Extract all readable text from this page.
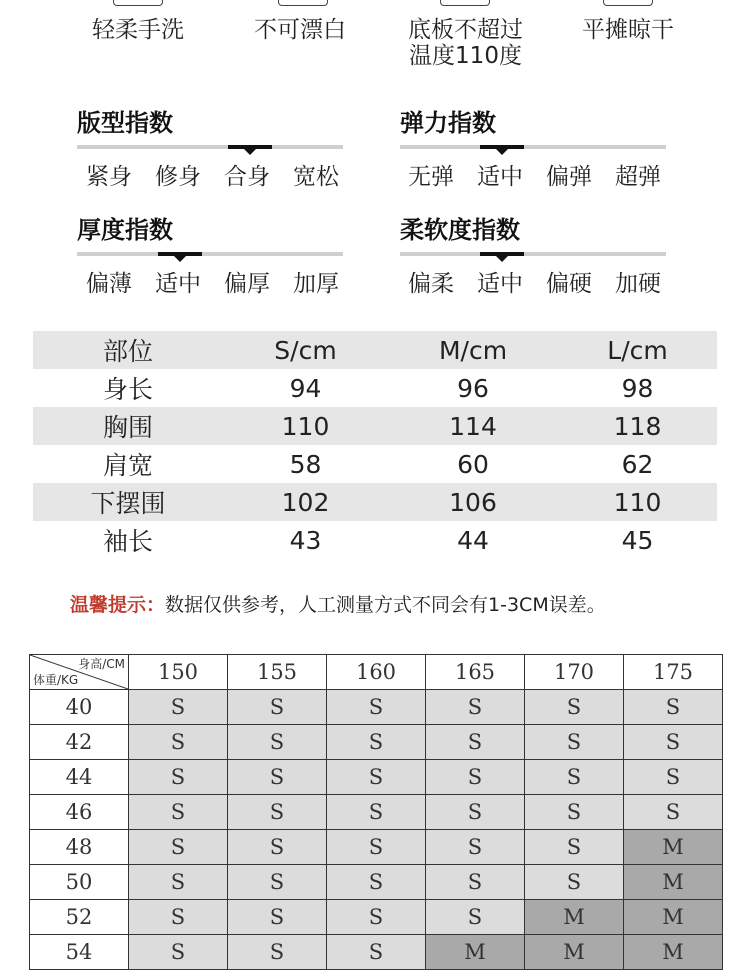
轻柔手洗	不可漂白	底板不超过
温度110度
平摊晾干
版型指数
紧身	修身	合身	宽松
弹力指数
无弹	适中	偏弹	超弹
厚度指数
偏薄	适中	偏厚	加厚
柔软度指数
偏柔	适中	偏硬	加硬
部位	S/cm	M/cm	L/cm
身长	94	96	98
胸围	110	114	118
肩宽	58	60	62
下摆围	102	106	110
袖长	43	44	45
温馨提示：数据仅供参考，人工测量方式不同会有1-3CM误差。
身高/CM
体重/KG	150	155	160	165	170	175
40	S	S	S	S	S	S
42	S	S	S	S	S	S
44	S	S	S	S	S	S
46	S	S	S	S	S	S
48	S	S	S	S	S	M
50	S	S	S	S	S	M
52	S	S	S	S	M	M
54	S	S	S	M	M	M
